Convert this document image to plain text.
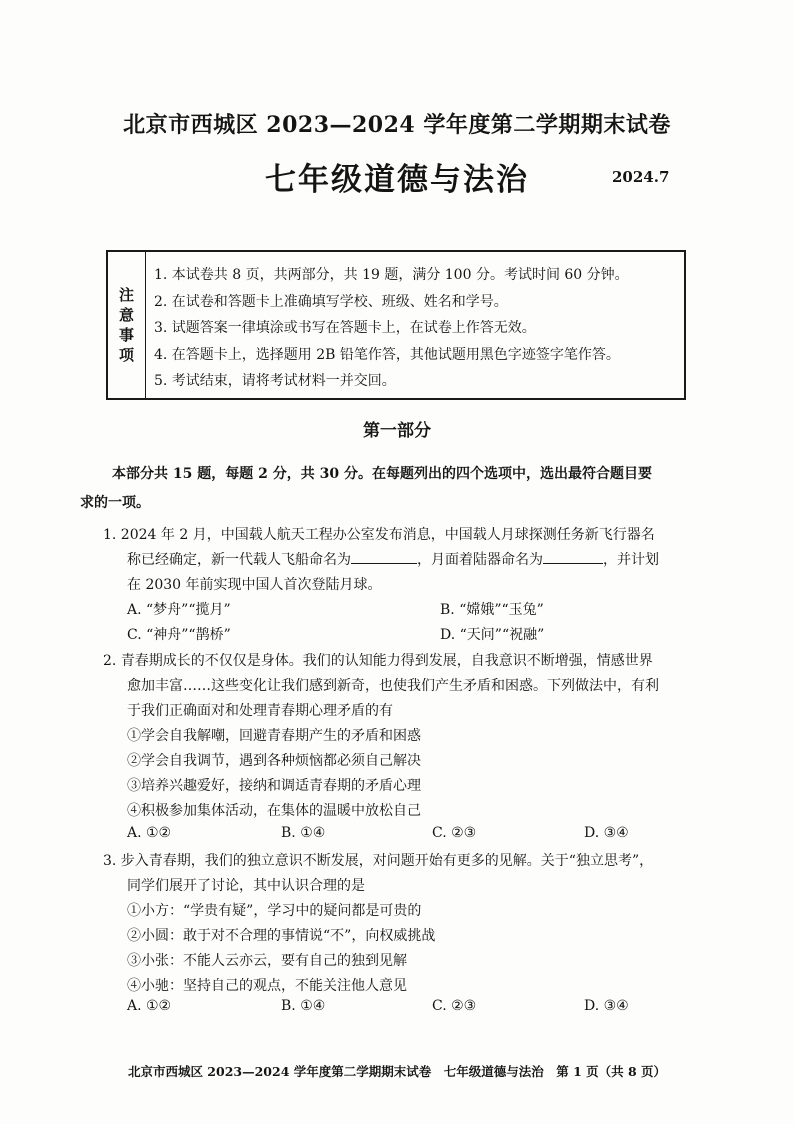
北京市西城区 2023—2024 学年度第二学期期末试卷
七年级道德与法治	2024.7
注
意
事
项
1. 本试卷共 8 页，共两部分，共 19 题，满分 100 分。考试时间 60 分钟。
2. 在试卷和答题卡上准确填写学校、班级、姓名和学号。
3. 试题答案一律填涂或书写在答题卡上，在试卷上作答无效。
4. 在答题卡上，选择题用 2B 铅笔作答，其他试题用黑色字迹签字笔作答。
5. 考试结束，请将考试材料一并交回。
第一部分
本部分共 15 题，每题 2 分，共 30 分。在每题列出的四个选项中，选出最符合题目要
求的一项。
1. 2024 年 2 月，中国载人航天工程办公室发布消息，中国载人月球探测任务新飞行器名
称已经确定，新一代载人飞船命名为	，月面着陆器命名为	，并计划
在 2030 年前实现中国人首次登陆月球。
A. “梦舟”“揽月”	B. “嫦娥”“玉兔”
C. “神舟”“鹊桥”	D. “天问”“祝融”
2. 青春期成长的不仅仅是身体。我们的认知能力得到发展，自我意识不断增强，情感世界
愈加丰富……这些变化让我们感到新奇，也使我们产生矛盾和困惑。下列做法中，有利
于我们正确面对和处理青春期心理矛盾的有
①学会自我解嘲，回避青春期产生的矛盾和困惑
②学会自我调节，遇到各种烦恼都必须自己解决
③培养兴趣爱好，接纳和调适青春期的矛盾心理
④积极参加集体活动，在集体的温暖中放松自己
A. ①②	B. ①④	C. ②③	D. ③④
3. 步入青春期，我们的独立意识不断发展，对问题开始有更多的见解。关于“独立思考”，
同学们展开了讨论，其中认识合理的是
①小方：“学贵有疑”，学习中的疑问都是可贵的
②小圆：敢于对不合理的事情说“不”，向权威挑战
③小张：不能人云亦云，要有自己的独到见解
④小驰：坚持自己的观点，不能关注他人意见
A. ①②	B. ①④	C. ②③	D. ③④
北京市西城区 2023—2024 学年度第二学期期末试卷　七年级道德与法治　第 1 页（共 8 页）
